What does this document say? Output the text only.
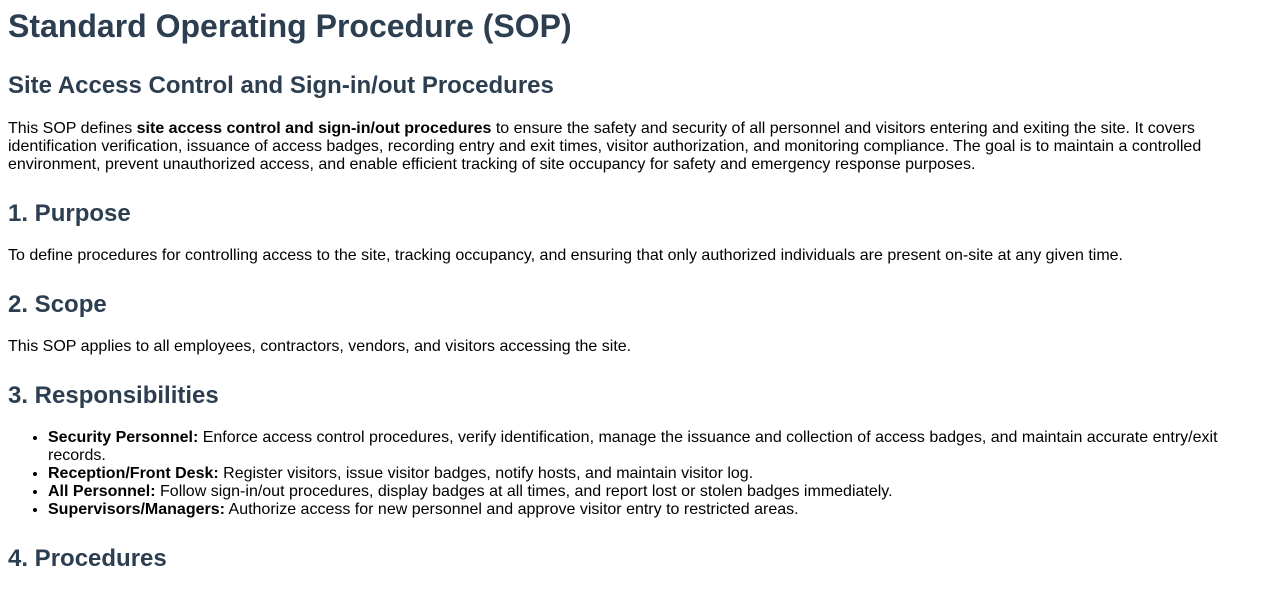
Standard Operating Procedure (SOP)
Site Access Control and Sign-in/out Procedures

This SOP defines site access control and sign-in/out procedures to ensure the safety and security of all personnel and visitors entering and exiting the site. It covers identification verification, issuance of access badges, recording entry and exit times, visitor authorization, and monitoring compliance. The goal is to maintain a controlled environment, prevent unauthorized access, and enable efficient tracking of site occupancy for safety and emergency response purposes.

1. Purpose

To define procedures for controlling access to the site, tracking occupancy, and ensuring that only authorized individuals are present on-site at any given time.

2. Scope

This SOP applies to all employees, contractors, vendors, and visitors accessing the site.

3. Responsibilities
• Security Personnel: Enforce access control procedures, verify identification, manage the issuance and collection of access badges, and maintain accurate entry/exit records.
• Reception/Front Desk: Register visitors, issue visitor badges, notify hosts, and maintain visitor log.
• All Personnel: Follow sign-in/out procedures, display badges at all times, and report lost or stolen badges immediately.
• Supervisors/Managers: Authorize access for new personnel and approve visitor entry to restricted areas.
4. Procedures
